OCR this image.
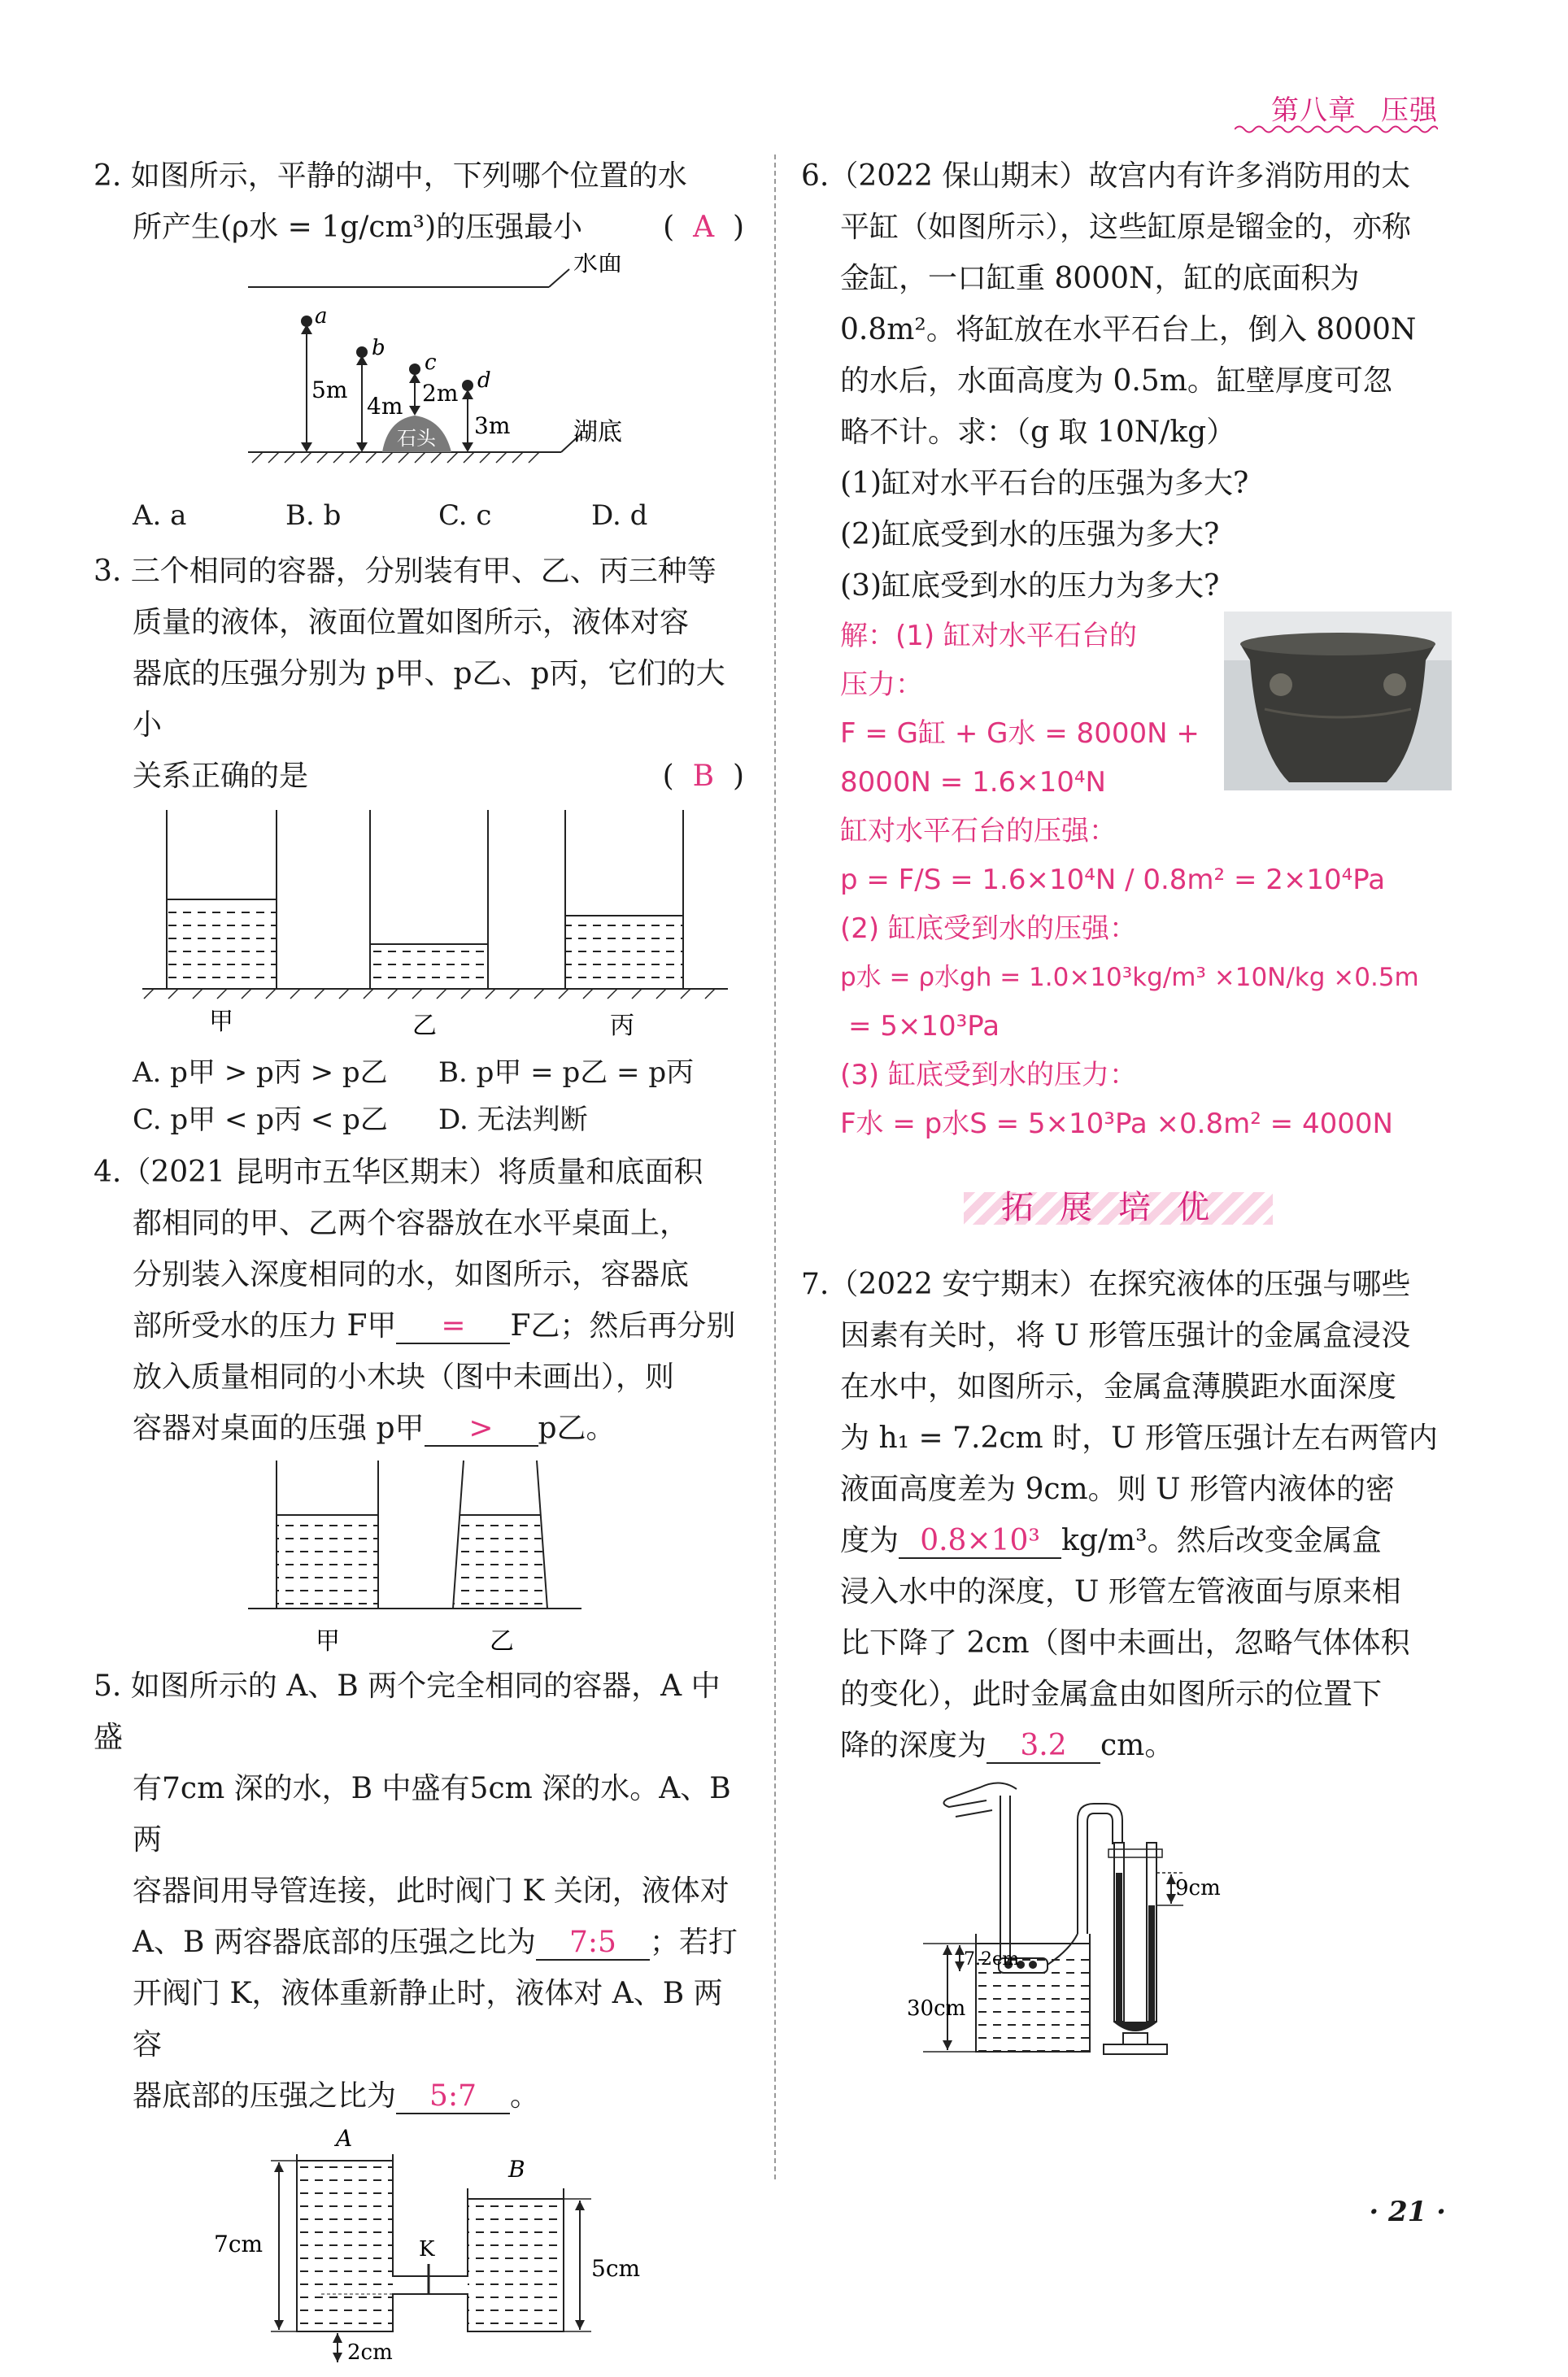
第八章 压强

2. 如图所示，平静的湖中，下列哪个位置的水

所产生(ρ水 = 1g/cm³)的压强最小	(  A  )

水面
湖底
石头
a
5m
b
4m
c
2m d
3m
A. a	B. b	C. c	D. d

3. 三个相同的容器，分别装有甲、乙、丙三种等

质量的液体，液面位置如图所示，液体对容

器底的压强分别为 p甲、p乙、p丙，它们的大小

关系正确的是	(  B  )

甲	乙	丙
A. p甲 > p丙 > p乙	B. p甲 = p乙 = p丙
C. p甲 < p丙 < p乙	D. 无法判断

4.（2021 昆明市五华区期末）将质量和底面积

都相同的甲、乙两个容器放在水平桌面上，

分别装入深度相同的水，如图所示，容器底

部所受水的压力 F甲 = F乙；然后再分别

放入质量相同的小木块（图中未画出），则

容器对桌面的压强 p甲 > p乙。

甲	乙

5. 如图所示的 A、B 两个完全相同的容器，A 中盛

有7cm 深的水，B 中盛有5cm 深的水。A、B 两

容器间用导管连接，此时阀门 K 关闭，液体对

A、B 两容器底部的压强之比为 7:5 ；若打

开阀门 K，液体重新静止时，液体对 A、B 两容

器底部的压强之比为 5:7 。

A
B
K
7cm
5cm
2cm

6.（2022 保山期末）故宫内有许多消防用的太

平缸（如图所示），这些缸原是镏金的，亦称

金缸，一口缸重 8000N，缸的底面积为

0.8m²。将缸放在水平石台上，倒入 8000N

的水后，水面高度为 0.5m。缸壁厚度可忽

略不计。求：（g 取 10N/kg）

(1)缸对水平石台的压强为多大?

(2)缸底受到水的压强为多大?

(3)缸底受到水的压力为多大?

解：(1) 缸对水平石台的

压力：

F = G缸 + G水 = 8000N +

8000N = 1.6×10⁴N

缸对水平石台的压强：

p = F/S = 1.6×10⁴N / 0.8m² = 2×10⁴Pa

(2) 缸底受到水的压强：

p水 = ρ水gh = 1.0×10³kg/m³ ×10N/kg ×0.5m

= 5×10³Pa

(3) 缸底受到水的压力：

F水 = p水S = 5×10³Pa ×0.8m² = 4000N

拓展培优

7.（2022 安宁期末）在探究液体的压强与哪些

因素有关时，将 U 形管压强计的金属盒浸没

在水中，如图所示，金属盒薄膜距水面深度

为 h₁ = 7.2cm 时，U 形管压强计左右两管内

液面高度差为 9cm。则 U 形管内液体的密

度为 0.8×10³ kg/m³。然后改变金属盒

浸入水中的深度，U 形管左管液面与原来相

比下降了 2cm（图中未画出，忽略气体体积

的变化），此时金属盒由如图所示的位置下

降的深度为 3.2 cm。

30cm
7.2cm
9cm
· 21 ·
